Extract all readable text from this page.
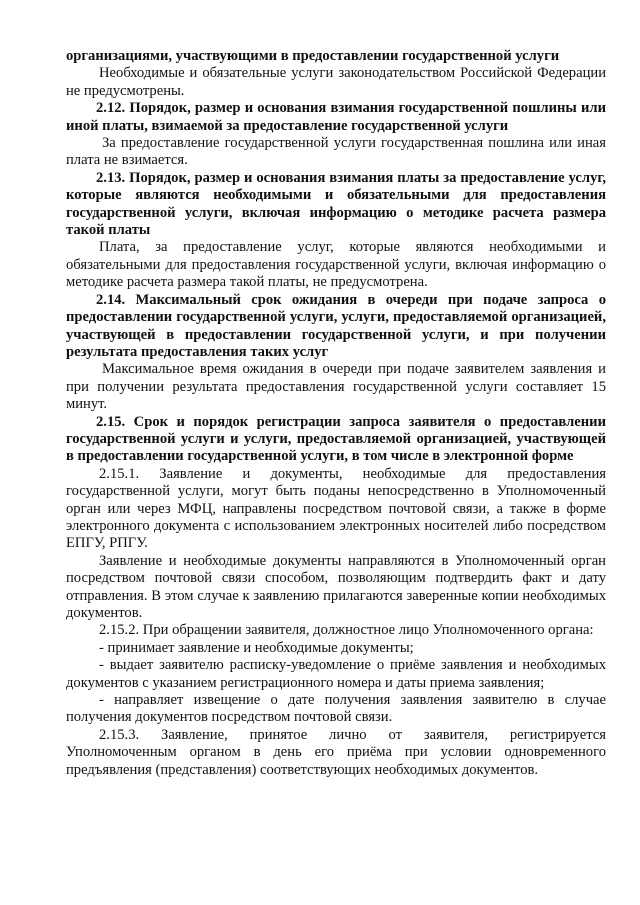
организациями, участвующими в предоставлении государственной услуги

Необходимые и обязательные услуги законодательством Российской Федерации не предусмотрены.

2.12. Порядок, размер и основания взимания государственной пошлины или иной платы, взимаемой за предоставление государственной услуги

За предоставление государственной услуги государственная пошлина или иная плата не взимается.

2.13. Порядок, размер и основания взимания платы за предоставление услуг, которые являются необходимыми и обязательными для предоставления государственной услуги, включая информацию о методике расчета размера такой платы

Плата, за предоставление услуг, которые являются необходимыми и обязательными для предоставления государственной услуги, включая информацию о методике расчета размера такой платы, не предусмотрена.

2.14. Максимальный срок ожидания в очереди при подаче запроса о предоставлении государственной услуги, услуги, предоставляемой организацией, участвующей в предоставлении государственной услуги, и при получении результата предоставления таких услуг

Максимальное время ожидания в очереди при подаче заявителем заявления и при получении результата предоставления государственной услуги составляет 15 минут.

2.15. Срок и порядок регистрации запроса заявителя о предоставлении государственной услуги и услуги, предоставляемой организацией, участвующей в предоставлении государственной услуги, в том числе в электронной форме

2.15.1. Заявление и документы, необходимые для предоставления государственной услуги, могут быть поданы непосредственно в Уполномоченный орган или через МФЦ, направлены посредством почтовой связи, а также в форме электронного документа с использованием электронных носителей либо посредством ЕПГУ, РПГУ.

Заявление и необходимые документы направляются в Уполномоченный орган посредством почтовой связи способом, позволяющим подтвердить факт и дату отправления. В этом случае к заявлению прилагаются заверенные копии необходимых документов.

2.15.2. При обращении заявителя, должностное лицо Уполномоченного органа:

- принимает заявление и необходимые документы;

- выдает заявителю расписку-уведомление о приёме заявления и необходимых документов с указанием регистрационного номера и даты приема заявления;

- направляет извещение о дате получения заявления заявителю в случае получения документов посредством почтовой связи.

2.15.3. Заявление, принятое лично от заявителя, регистрируется Уполномоченным органом в день его приёма при условии одновременного предъявления (представления) соответствующих необходимых документов.
